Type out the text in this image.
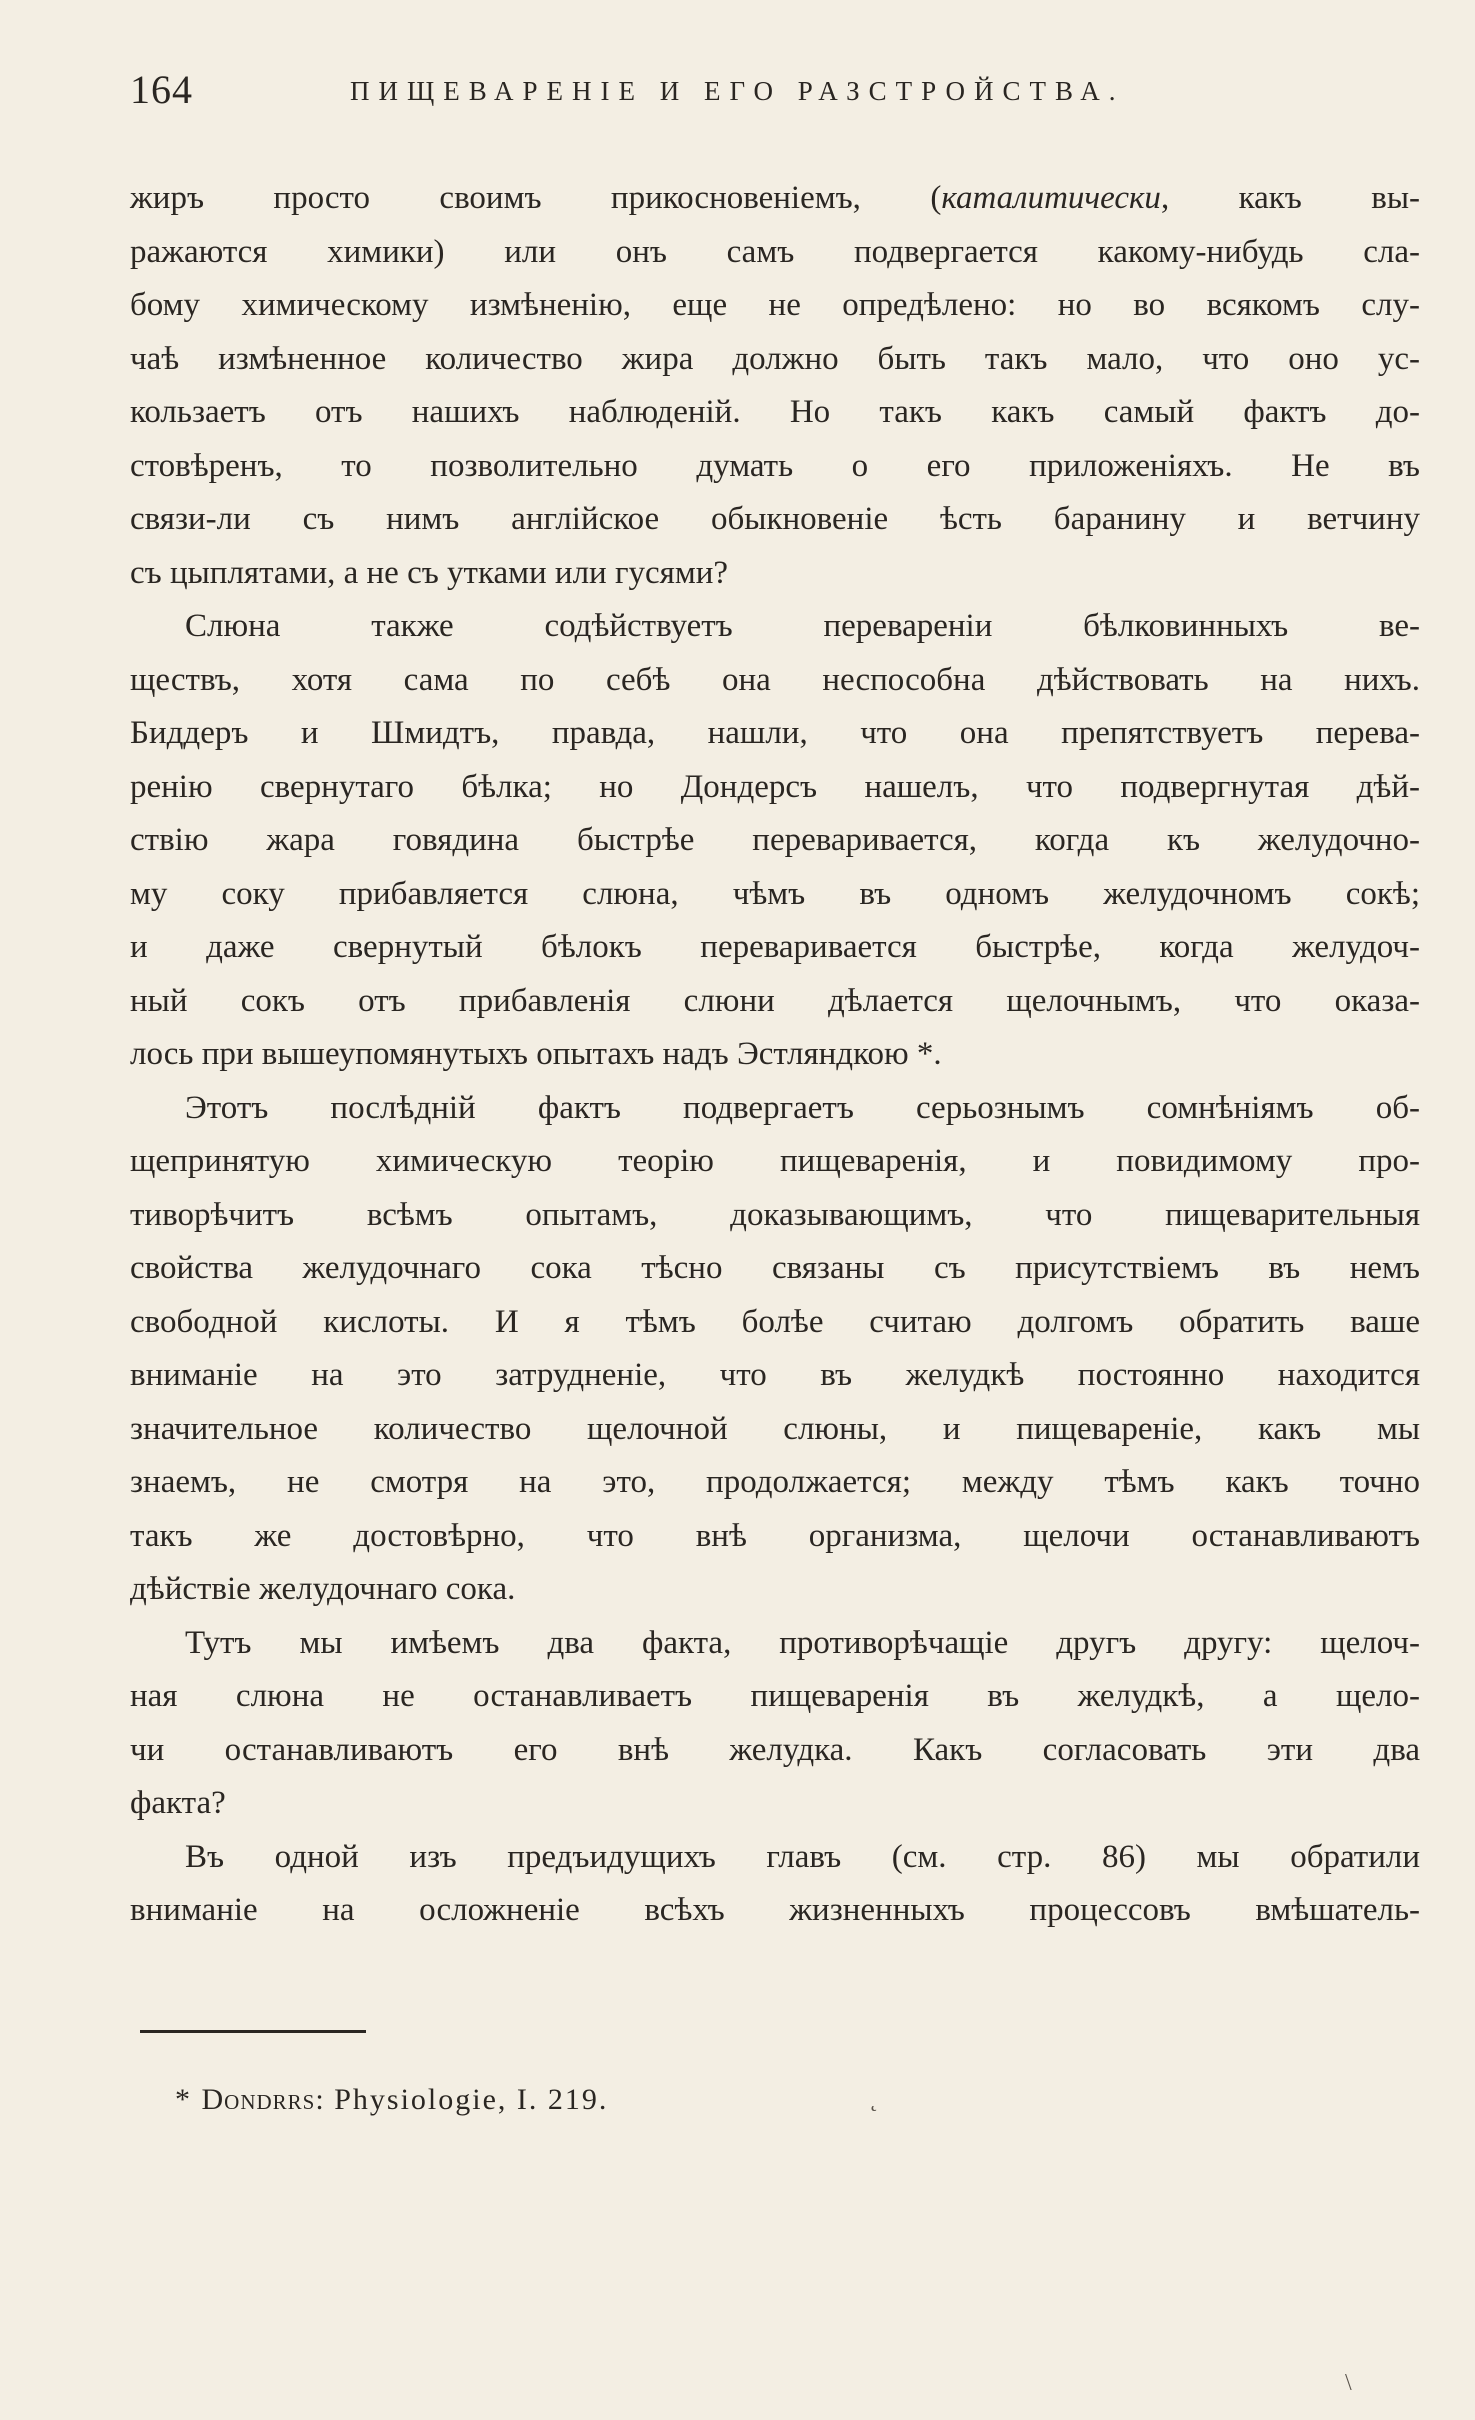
164	ПИЩЕВАРЕНІЕ И ЕГО РАЗСТРОЙСТВА.
жиръ просто своимъ прикосновеніемъ, (каталитически, какъ вы-
ражаются химики) или онъ самъ подвергается какому-нибудь сла-
бому химическому измѣненію, еще не опредѣлено: но во всякомъ слу-
чаѣ измѣненное количество жира должно быть такъ мало, что оно ус-
кользаетъ отъ нашихъ наблюденій. Но такъ какъ самый фактъ до-
стовѣренъ, то позволительно думать о его приложеніяхъ. Не въ
связи-ли съ нимъ англійское обыкновеніе ѣсть баранину и ветчину
съ цыплятами, а не съ утками или гусями?
Слюна также содѣйствуетъ перевареніи бѣлковинныхъ ве-
ществъ, хотя сама по себѣ она неспособна дѣйствовать на нихъ.
Биддеръ и Шмидтъ, правда, нашли, что она препятствуетъ перева-
ренію свернутаго бѣлка; но Дондерсъ нашелъ, что подвергнутая дѣй-
ствію жара говядина быстрѣе переваривается, когда къ желудочно-
му соку прибавляется слюна, чѣмъ въ одномъ желудочномъ сокѣ;
и даже свернутый бѣлокъ переваривается быстрѣе, когда желудоч-
ный сокъ отъ прибавленія слюни дѣлается щелочнымъ, что оказа-
лось при вышеупомянутыхъ опытахъ надъ Эстляндкою *.
Этотъ послѣдній фактъ подвергаетъ серьознымъ сомнѣніямъ об-
щепринятую химическую теорію пищеваренія, и повидимому про-
тиворѣчитъ всѣмъ опытамъ, доказывающимъ, что пищеварительныя
свойства желудочнаго сока тѣсно связаны съ присутствіемъ въ немъ
свободной кислоты. И я тѣмъ болѣе считаю долгомъ обратить ваше
вниманіе на это затрудненіе, что въ желудкѣ постоянно находится
значительное количество щелочной слюны, и пищевареніе, какъ мы
знаемъ, не смотря на это, продолжается; между тѣмъ какъ точно
такъ же достовѣрно, что внѣ организма, щелочи останавливаютъ
дѣйствіе желудочнаго сока.
Тутъ мы имѣемъ два факта, противорѣчащіе другъ другу: щелоч-
ная слюна не останавливаетъ пищеваренія въ желудкѣ, а щело-
чи останавливаютъ его внѣ желудка. Какъ согласовать эти два
факта?
Въ одной изъ предъидущихъ главъ (см. стр. 86) мы обратили
вниманіе на осложненіе всѣхъ жизненныхъ процессовъ вмѣшатель-
* Dondrrs: Physiologie, I. 219.	˛
\
